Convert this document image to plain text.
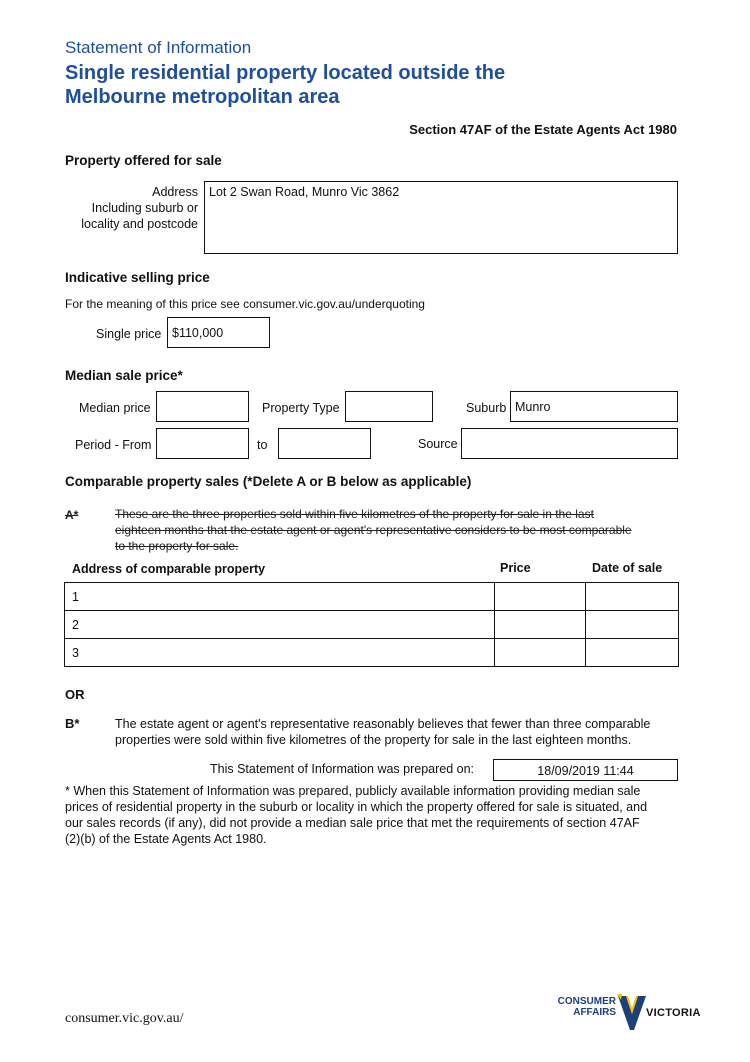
Statement of Information
Single residential property located outside the
Melbourne metropolitan area
Section 47AF of the Estate Agents Act 1980
Property offered for sale
Address
Including suburb or
locality and postcode
Lot 2 Swan Road, Munro Vic 3862
Indicative selling price
For the meaning of this price see consumer.vic.gov.au/underquoting
Single price $110,000
Median sale price*
Median price	Property Type	Suburb Munro
Period - From	to	Source
Comparable property sales (*Delete A or B below as applicable)
A*	These are the three properties sold within five kilometres of the property for sale in the last
eighteen months that the estate agent or agent's representative considers to be most comparable
to the property for sale.
Address of comparable property	Price	Date of sale
1		
2		
3		
OR
B*	The estate agent or agent's representative reasonably believes that fewer than three comparable
properties were sold within five kilometres of the property for sale in the last eighteen months.
This Statement of Information was prepared on:	18/09/2019 11:44
* When this Statement of Information was prepared, publicly available information providing median sale
prices of residential property in the suburb or locality in which the property offered for sale is situated, and
our sales records (if any), did not provide a median sale price that met the requirements of section 47AF
(2)(b) of the Estate Agents Act 1980.
consumer.vic.gov.au/
CONSUMER
AFFAIRS	VICTORIA
